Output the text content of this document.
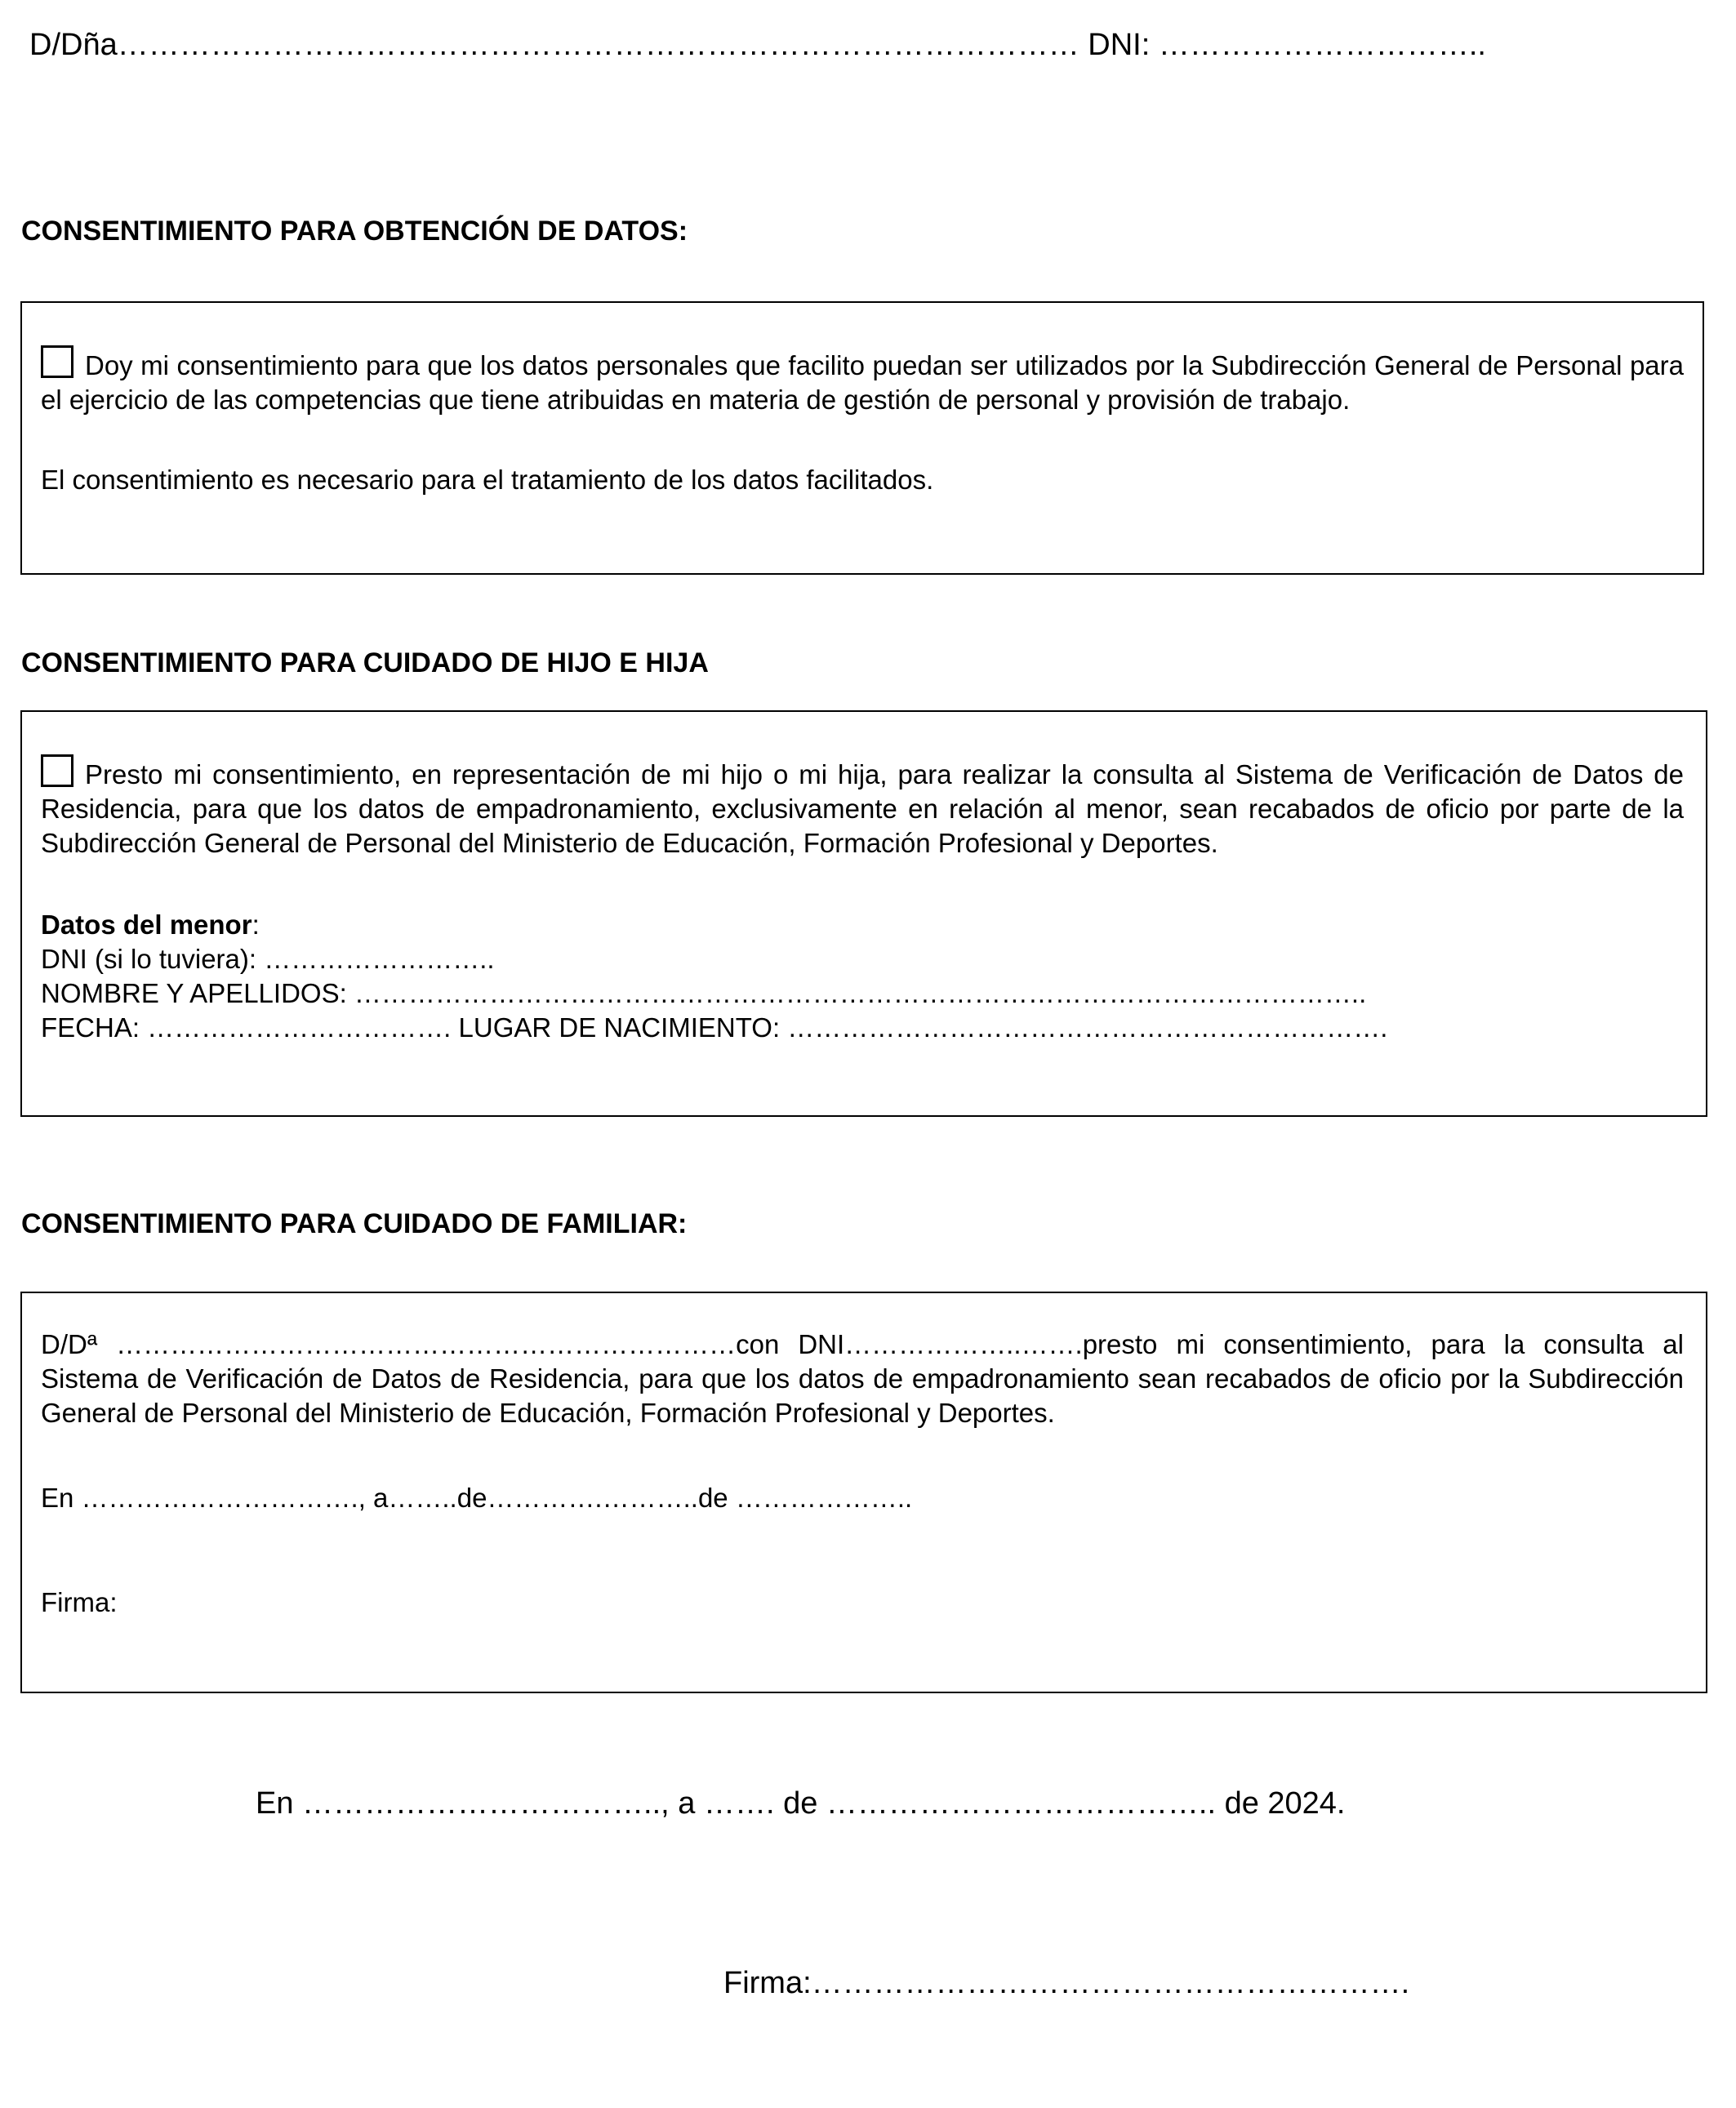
D/Dña………………………………………………………………………………… DNI: …………………………..
CONSENTIMIENTO PARA OBTENCIÓN DE DATOS:
Doy mi consentimiento para que los datos personales que facilito puedan ser utilizados por la Subdirección General de Personal para el ejercicio de las competencias que tiene atribuidas en materia de gestión de personal y provisión de trabajo.
El consentimiento es necesario para el tratamiento de los datos facilitados.
CONSENTIMIENTO PARA CUIDADO DE HIJO E HIJA
Presto mi consentimiento, en representación de mi hijo o mi hija, para realizar la consulta al Sistema de Verificación de Datos de Residencia, para que los datos de empadronamiento, exclusivamente en relación al menor, sean recabados de oficio por parte de la Subdirección General de Personal del Ministerio de Educación, Formación Profesional y Deportes.
Datos del menor:
DNI (si lo tuviera): ……………………..
NOMBRE Y APELLIDOS: …………………………………………………………………………………………………..
FECHA: ……………………………. LUGAR DE NACIMIENTO: ………………………………………………………….
CONSENTIMIENTO PARA CUIDADO DE FAMILIAR:
D/Dª ……………………………………………………………con DNI………………..…….presto mi consentimiento, para la consulta al Sistema de Verificación de Datos de Residencia, para que los datos de empadronamiento sean recabados de oficio por la Subdirección General de Personal del Ministerio de Educación, Formación Profesional y Deportes.
En …………………………., a……..de………….………..de ………………..
Firma:
En …………………………….., a ……. de ……………………………….. de 2024.
Firma:………………………………………………….
